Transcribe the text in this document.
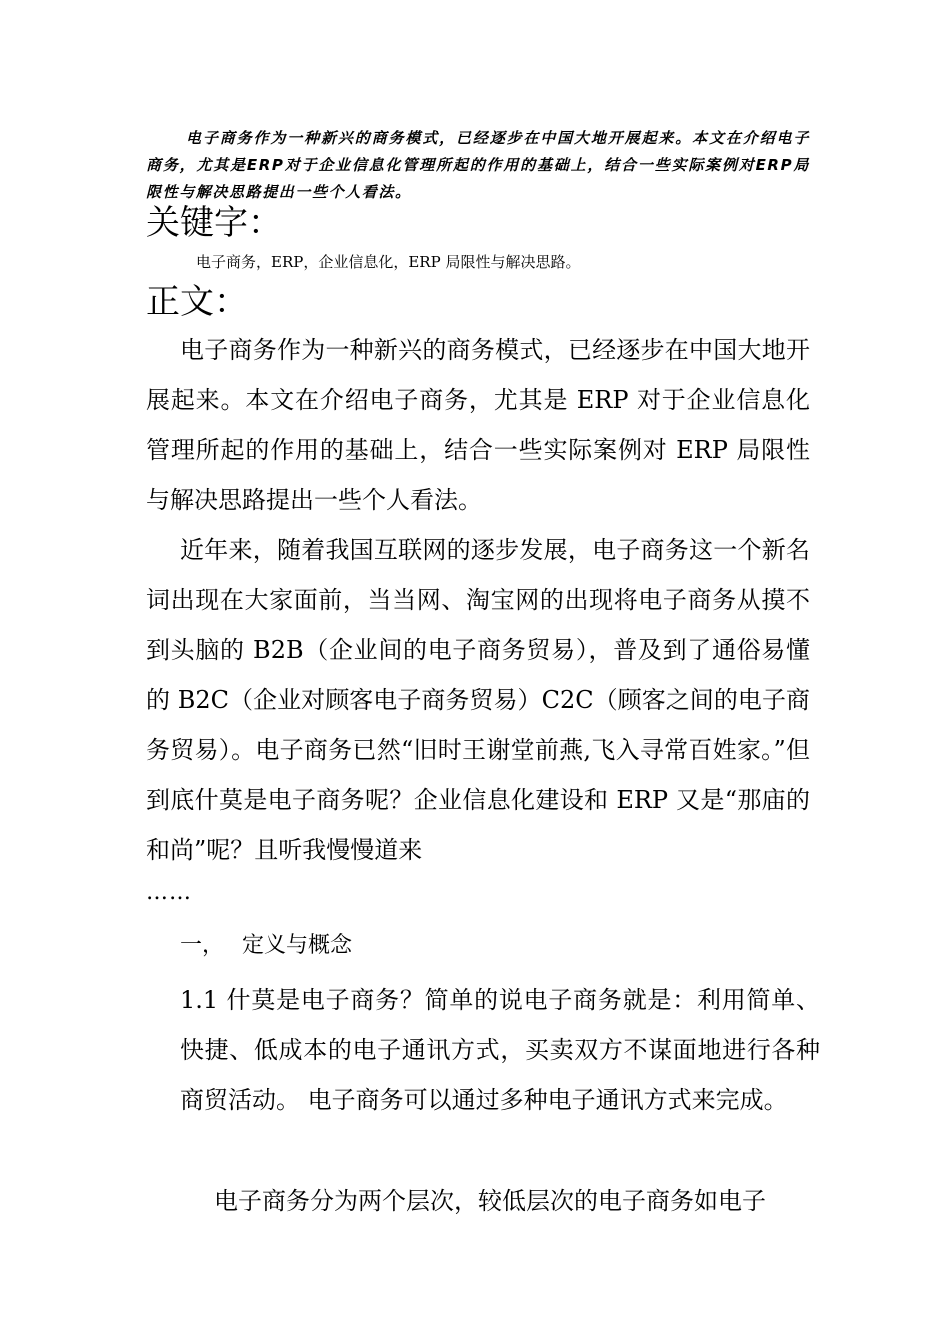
电子商务作为一种新兴的商务模式，已经逐步在中国大地开展起来。本文在介绍电子商务，尤其是ERP对于企业信息化管理所起的作用的基础上，结合一些实际案例对ERP局限性与解决思路提出一些个人看法。

关键字：

电子商务，ERP，企业信息化，ERP 局限性与解决思路。

正文：

电子商务作为一种新兴的商务模式，已经逐步在中国大地开展起来。本文在介绍电子商务，尤其是 ERP 对于企业信息化管理所起的作用的基础上，结合一些实际案例对 ERP 局限性与解决思路提出一些个人看法。

近年来，随着我国互联网的逐步发展，电子商务这一个新名词出现在大家面前，当当网、淘宝网的出现将电子商务从摸不到头脑的 B2B（企业间的电子商务贸易），普及到了通俗易懂的 B2C（企业对顾客电子商务贸易）C2C（顾客之间的电子商务贸易）。电子商务已然“旧时王谢堂前燕,飞入寻常百姓家。”但到底什莫是电子商务呢？企业信息化建设和 ERP 又是“那庙的和尚”呢？且听我慢慢道来

……

一， 定义与概念

1.1 什莫是电子商务？简单的说电子商务就是：利用简单、快捷、低成本的电子通讯方式，买卖双方不谋面地进行各种商贸活动。 电子商务可以通过多种电子通讯方式来完成。

电子商务分为两个层次，较低层次的电子商务如电子
